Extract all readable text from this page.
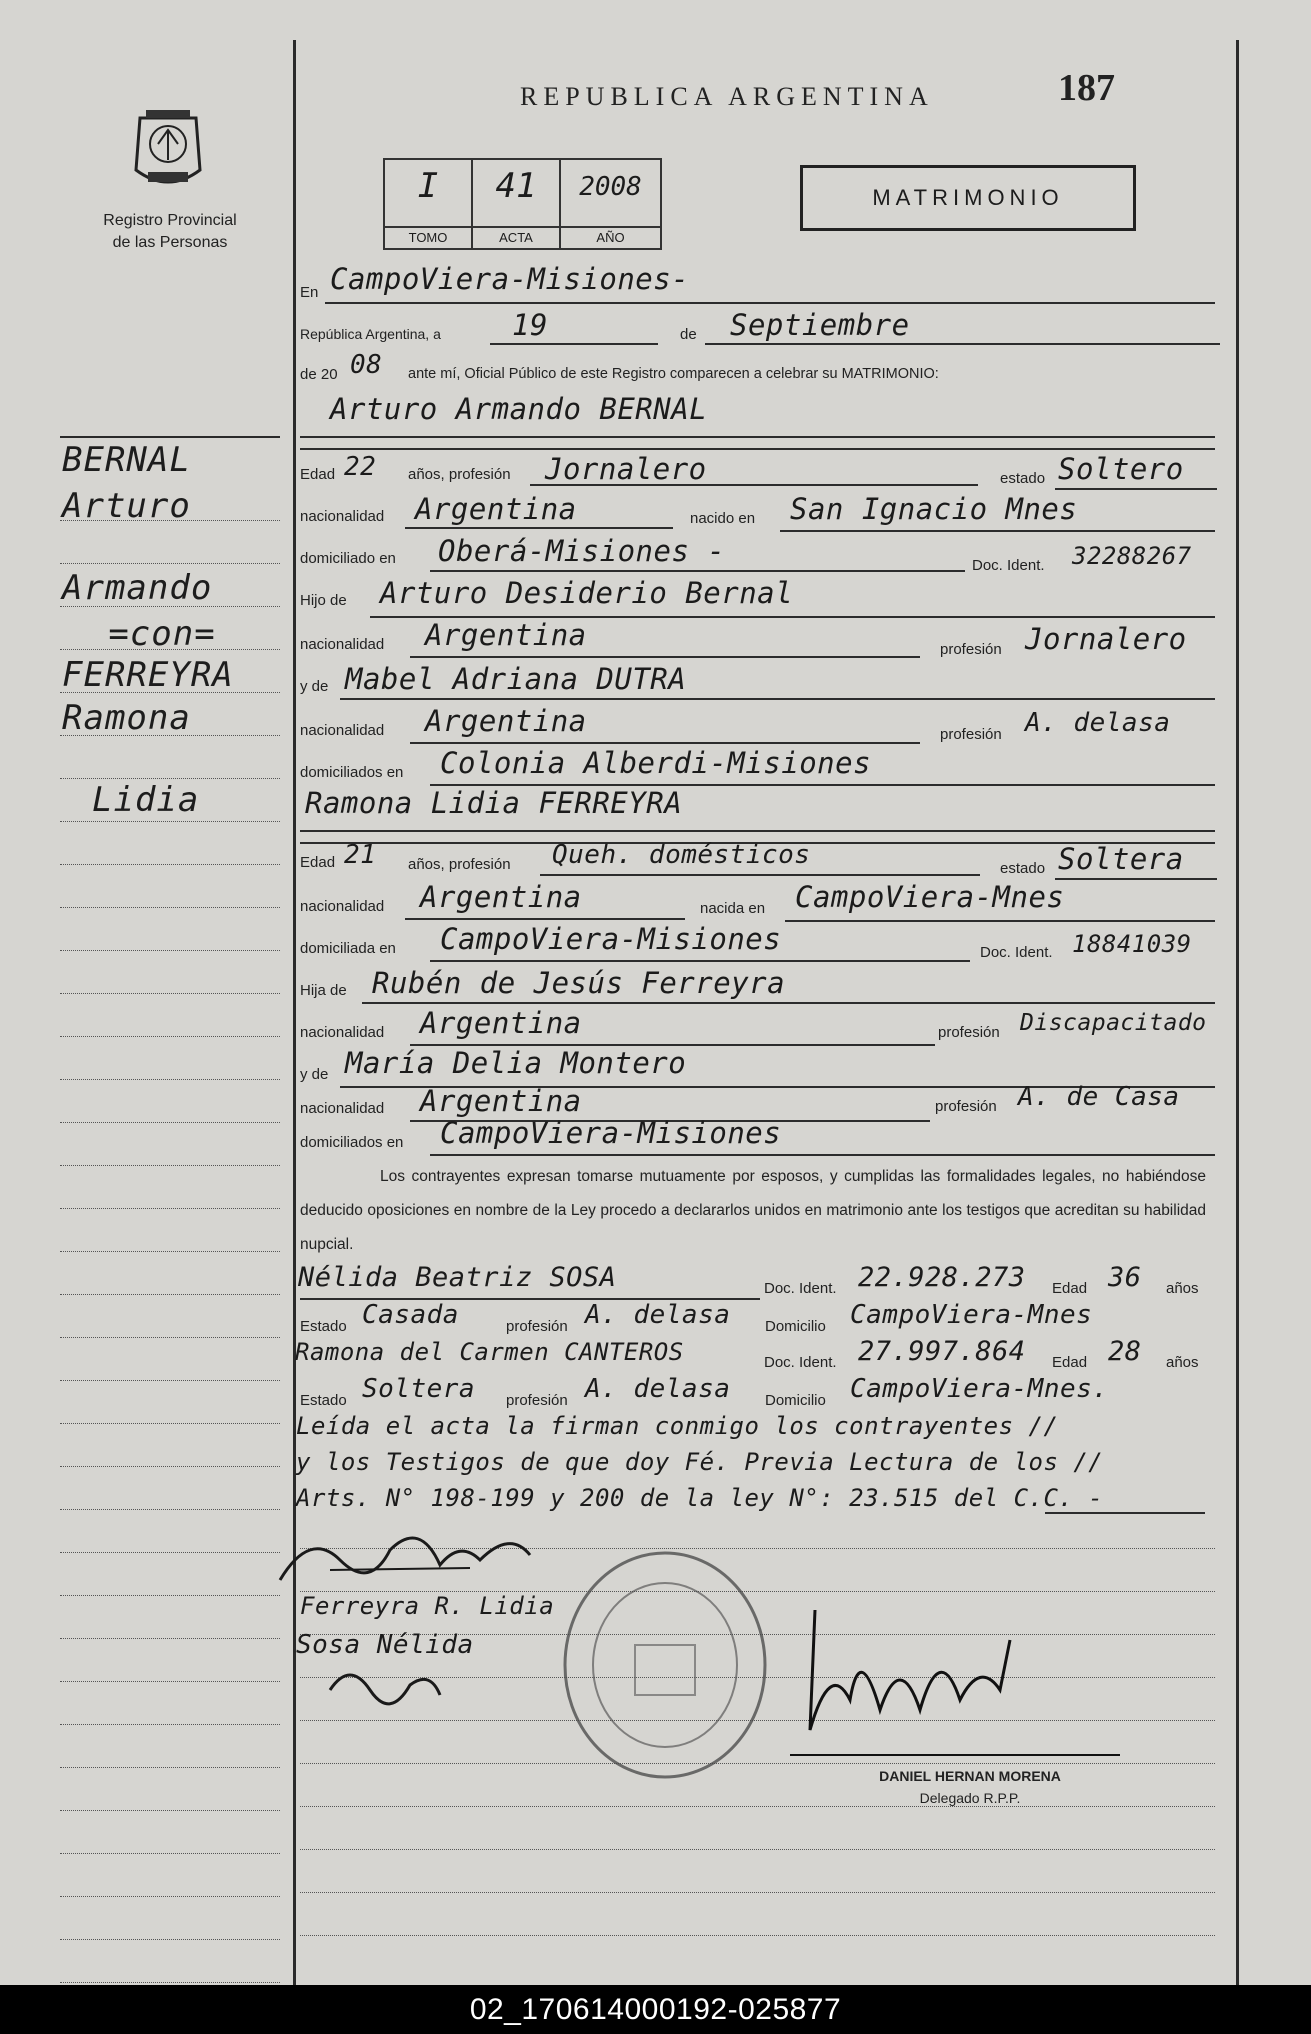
Registro Provincial
de las Personas
REPUBLICA ARGENTINA	187
I
TOMO
41
ACTA
2008
AÑO
MATRIMONIO
BERNAL
Arturo
Armando
=con=
FERREYRA
Ramona
Lidia
En CampoViera-Misiones-
República Argentina, a 19	de Septiembre
de 20 08 ante mí, Oficial Público de este Registro comparecen a celebrar su MATRIMONIO:
Arturo Armando BERNAL
Edad 22 años, profesión Jornalero	estado Soltero
nacionalidad Argentina	nacido en San Ignacio Mnes
domiciliado en Oberá-Misiones -	Doc. Ident. 32288267
Hijo de Arturo Desiderio Bernal
nacionalidad Argentina	profesión Jornalero
y de Mabel Adriana DUTRA
nacionalidad Argentina	profesión A. delasa
domiciliados en Colonia Alberdi-Misiones
Ramona Lidia FERREYRA
Edad 21 años, profesión Queh. domésticos	estado Soltera
nacionalidad Argentina	nacida en CampoViera-Mnes
domiciliada en CampoViera-Misiones	Doc. Ident. 18841039
Hija de Rubén de Jesús Ferreyra
nacionalidad Argentina	profesión Discapacitado
y de María Delia Montero
nacionalidad Argentina	profesión A. de Casa
domiciliados en CampoViera-Misiones
Los contrayentes expresan tomarse mutuamente por esposos, y cumplidas las formalidades legales, no habiéndose deducido oposiciones en nombre de la Ley procedo a declararlos unidos en matrimonio ante los testigos que acreditan su habilidad nupcial.
Nélida Beatriz SOSA	Doc. Ident. 22.928.273 Edad 36 años
Estado Casada	profesión A. delasa Domicilio CampoViera-Mnes
Ramona del Carmen CANTEROS	Doc. Ident. 27.997.864 Edad 28 años
Estado Soltera profesión A. delasa Domicilio CampoViera-Mnes.
Leída el acta la firman conmigo los contrayentes //
y los Testigos de que doy Fé. Previa Lectura de los //
Arts. N° 198-199 y 200 de la ley N°: 23.515 del C.C. -
Ferreyra R. Lidia
Sosa Nélida
DANIEL HERNAN MORENA
Delegado R.P.P.
02_170614000192-025877
